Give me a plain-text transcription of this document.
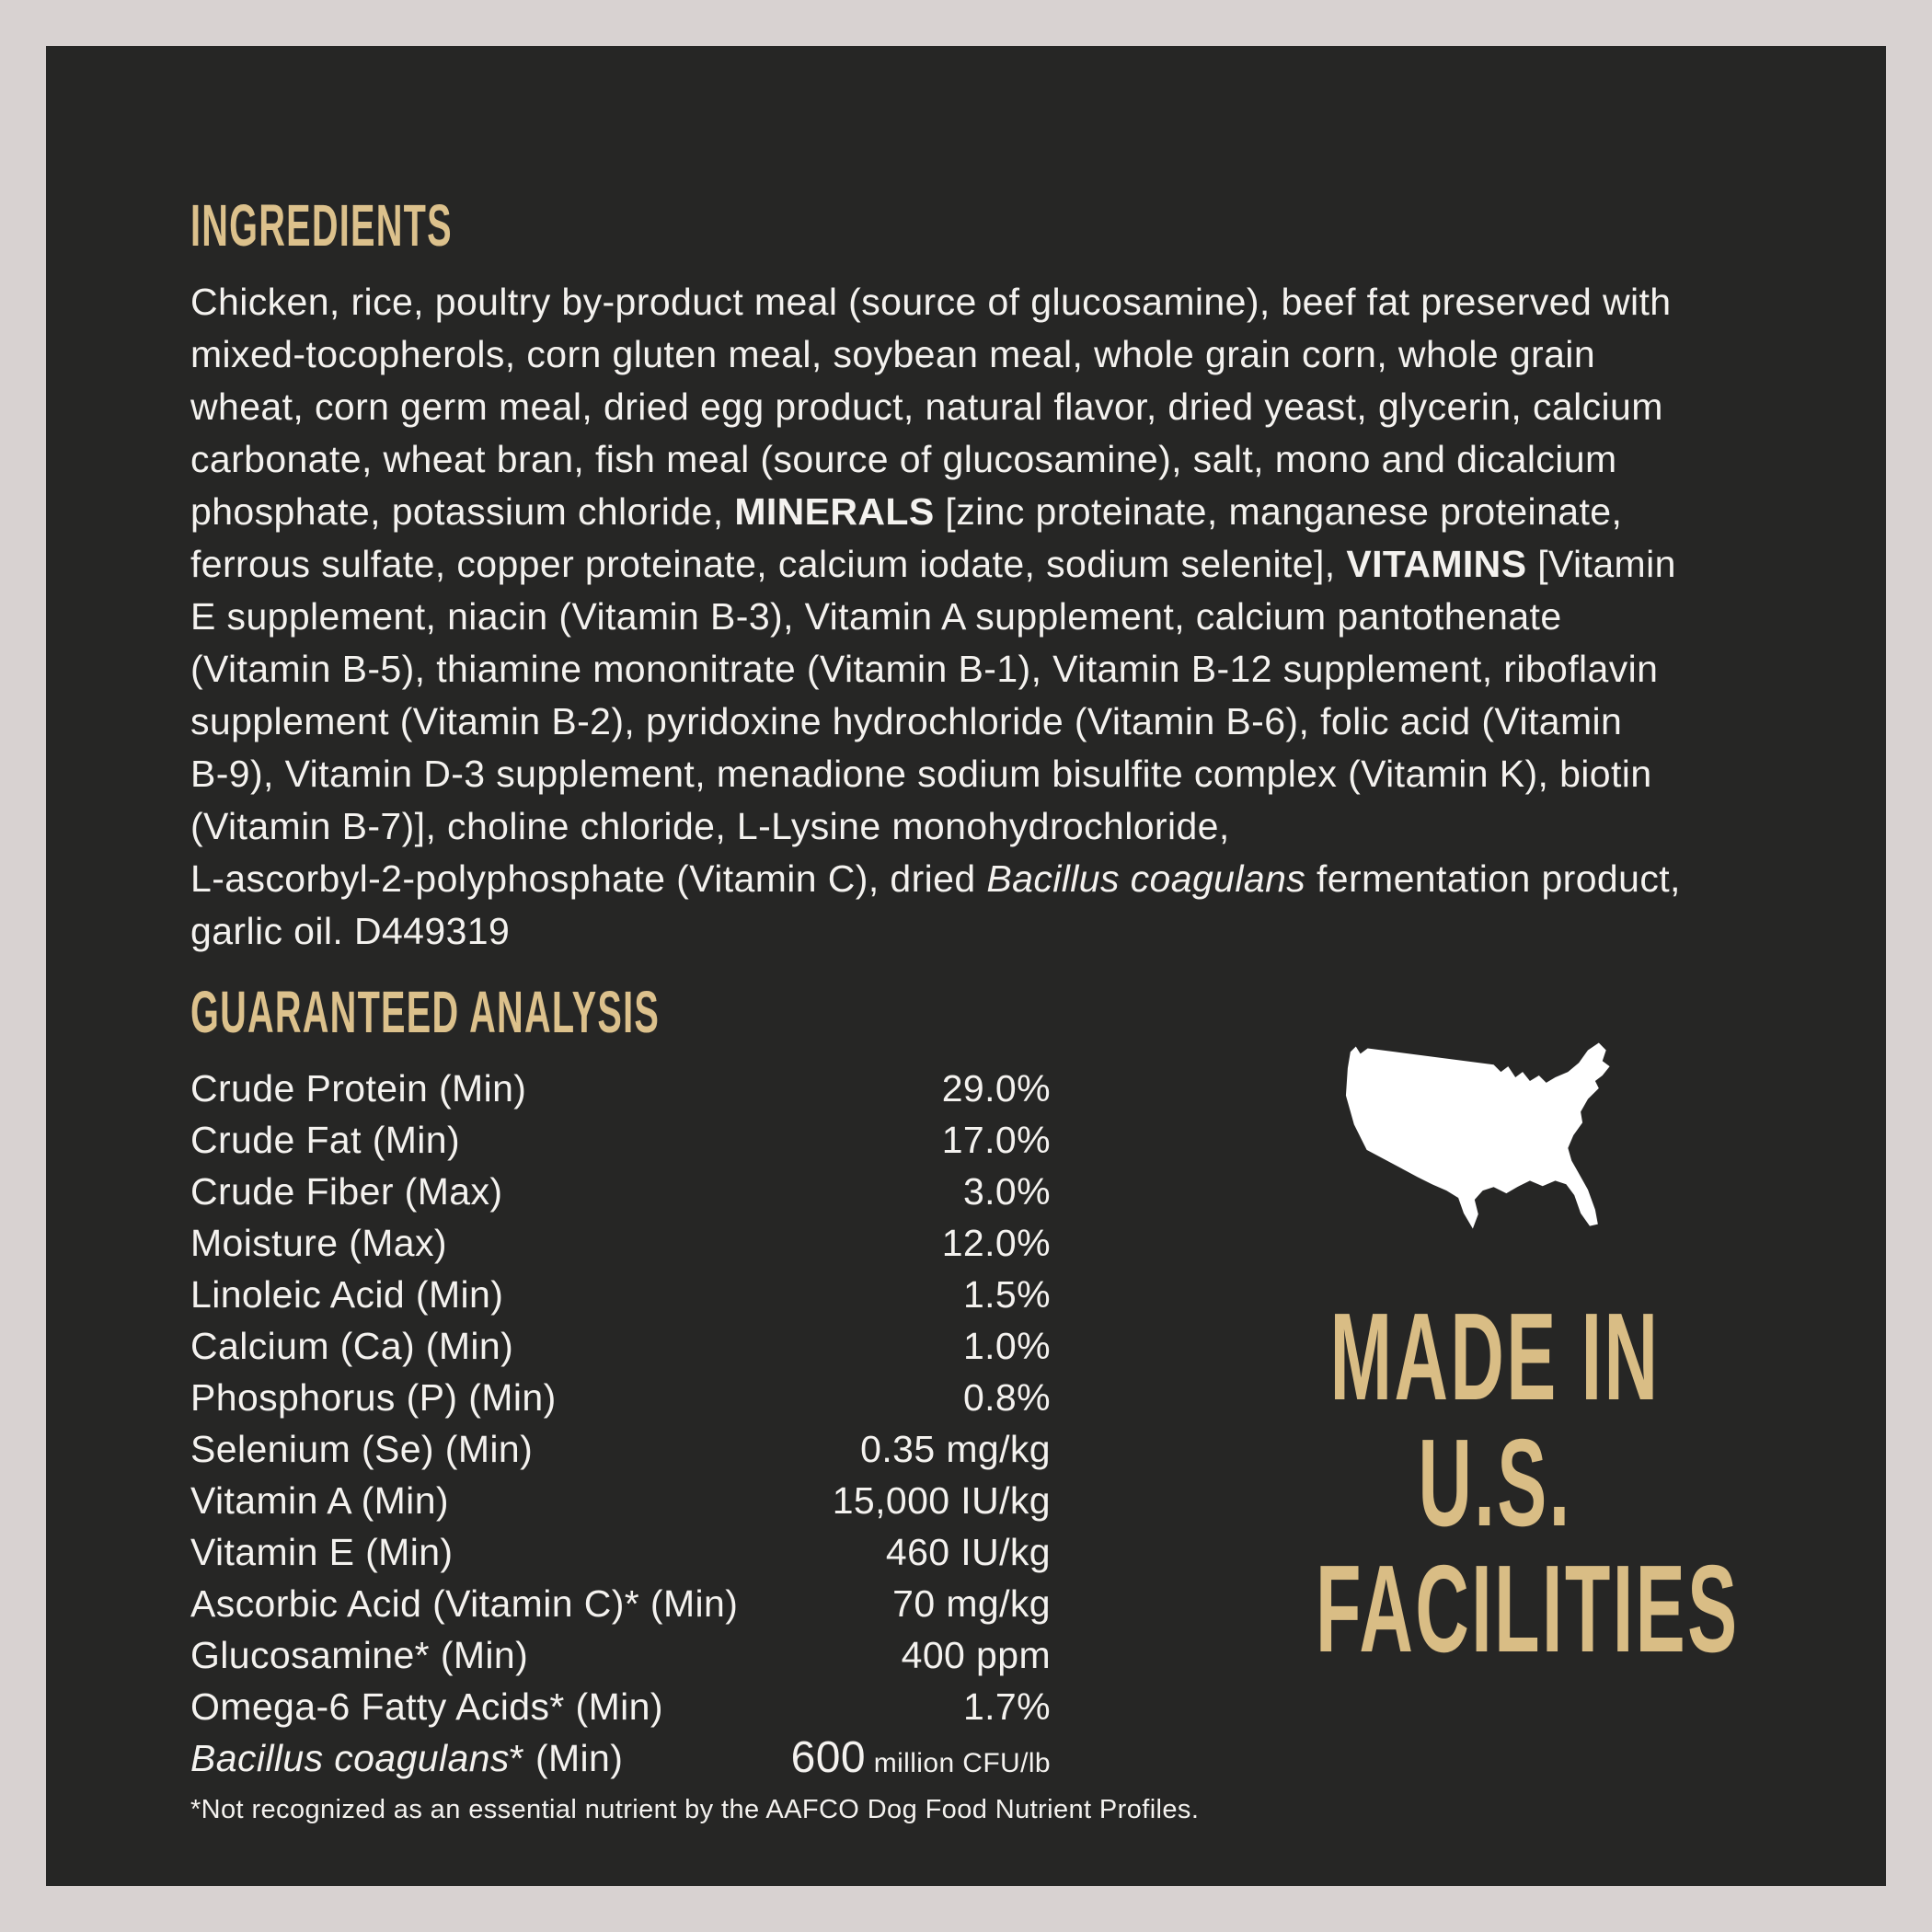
INGREDIENTS
Chicken, rice, poultry by-product meal (source of glucosamine), beef fat preserved with
mixed-tocopherols, corn gluten meal, soybean meal, whole grain corn, whole grain
wheat, corn germ meal, dried egg product, natural flavor, dried yeast, glycerin, calcium
carbonate, wheat bran, fish meal (source of glucosamine), salt, mono and dicalcium
phosphate, potassium chloride, MINERALS [zinc proteinate, manganese proteinate,
ferrous sulfate, copper proteinate, calcium iodate, sodium selenite], VITAMINS [Vitamin
E supplement, niacin (Vitamin B-3), Vitamin A supplement, calcium pantothenate
(Vitamin B-5), thiamine mononitrate (Vitamin B-1), Vitamin B-12 supplement, riboflavin
supplement (Vitamin B-2), pyridoxine hydrochloride (Vitamin B-6), folic acid (Vitamin
B-9), Vitamin D-3 supplement, menadione sodium bisulfite complex (Vitamin K), biotin
(Vitamin B-7)], choline chloride, L-Lysine monohydrochloride,
L-ascorbyl-2-polyphosphate (Vitamin C), dried Bacillus coagulans fermentation product,
garlic oil. D449319
GUARANTEED ANALYSIS
Crude Protein (Min)	29.0%
Crude Fat (Min)	17.0%
Crude Fiber (Max)	3.0%
Moisture (Max)	12.0%
Linoleic Acid (Min)	1.5%
Calcium (Ca) (Min)	1.0%
Phosphorus (P) (Min)	0.8%
Selenium (Se) (Min)	0.35 mg/kg
Vitamin A (Min)	15,000 IU/kg
Vitamin E (Min)	460 IU/kg
Ascorbic Acid (Vitamin C)* (Min)	70 mg/kg
Glucosamine* (Min)	400 ppm
Omega-6 Fatty Acids* (Min)	1.7%
Bacillus coagulans* (Min)	600 million CFU/lb
*Not recognized as an essential nutrient by the AAFCO Dog Food Nutrient Profiles.
MADE IN
U.S.
FACILITIES
